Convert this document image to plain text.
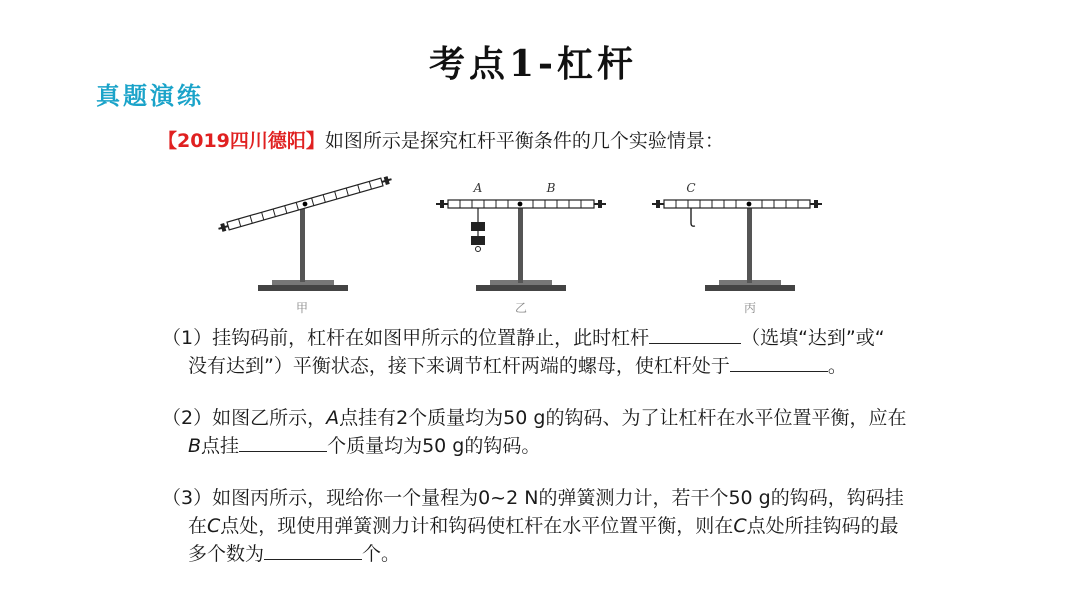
考点1-杠杆
真题演练
【2019四川德阳】如图所示是探究杠杆平衡条件的几个实验情景：
甲
A	B
乙
C
丙
（1）挂钩码前，杠杆在如图甲所示的位置静止，此时杠杆	（选填“达到”或“
没有达到”）平衡状态，接下来调节杠杆两端的螺母，使杠杆处于	。
（2）如图乙所示，A点挂有2个质量均为50 g的钩码、为了让杠杆在水平位置平衡，应在
B点挂	个质量均为50 g的钩码。
（3）如图丙所示，现给你一个量程为0~2 N的弹簧测力计，若干个50 g的钩码，钩码挂
在C点处，现使用弹簧测力计和钩码使杠杆在水平位置平衡，则在C点处所挂钩码的最
多个数为	个。
